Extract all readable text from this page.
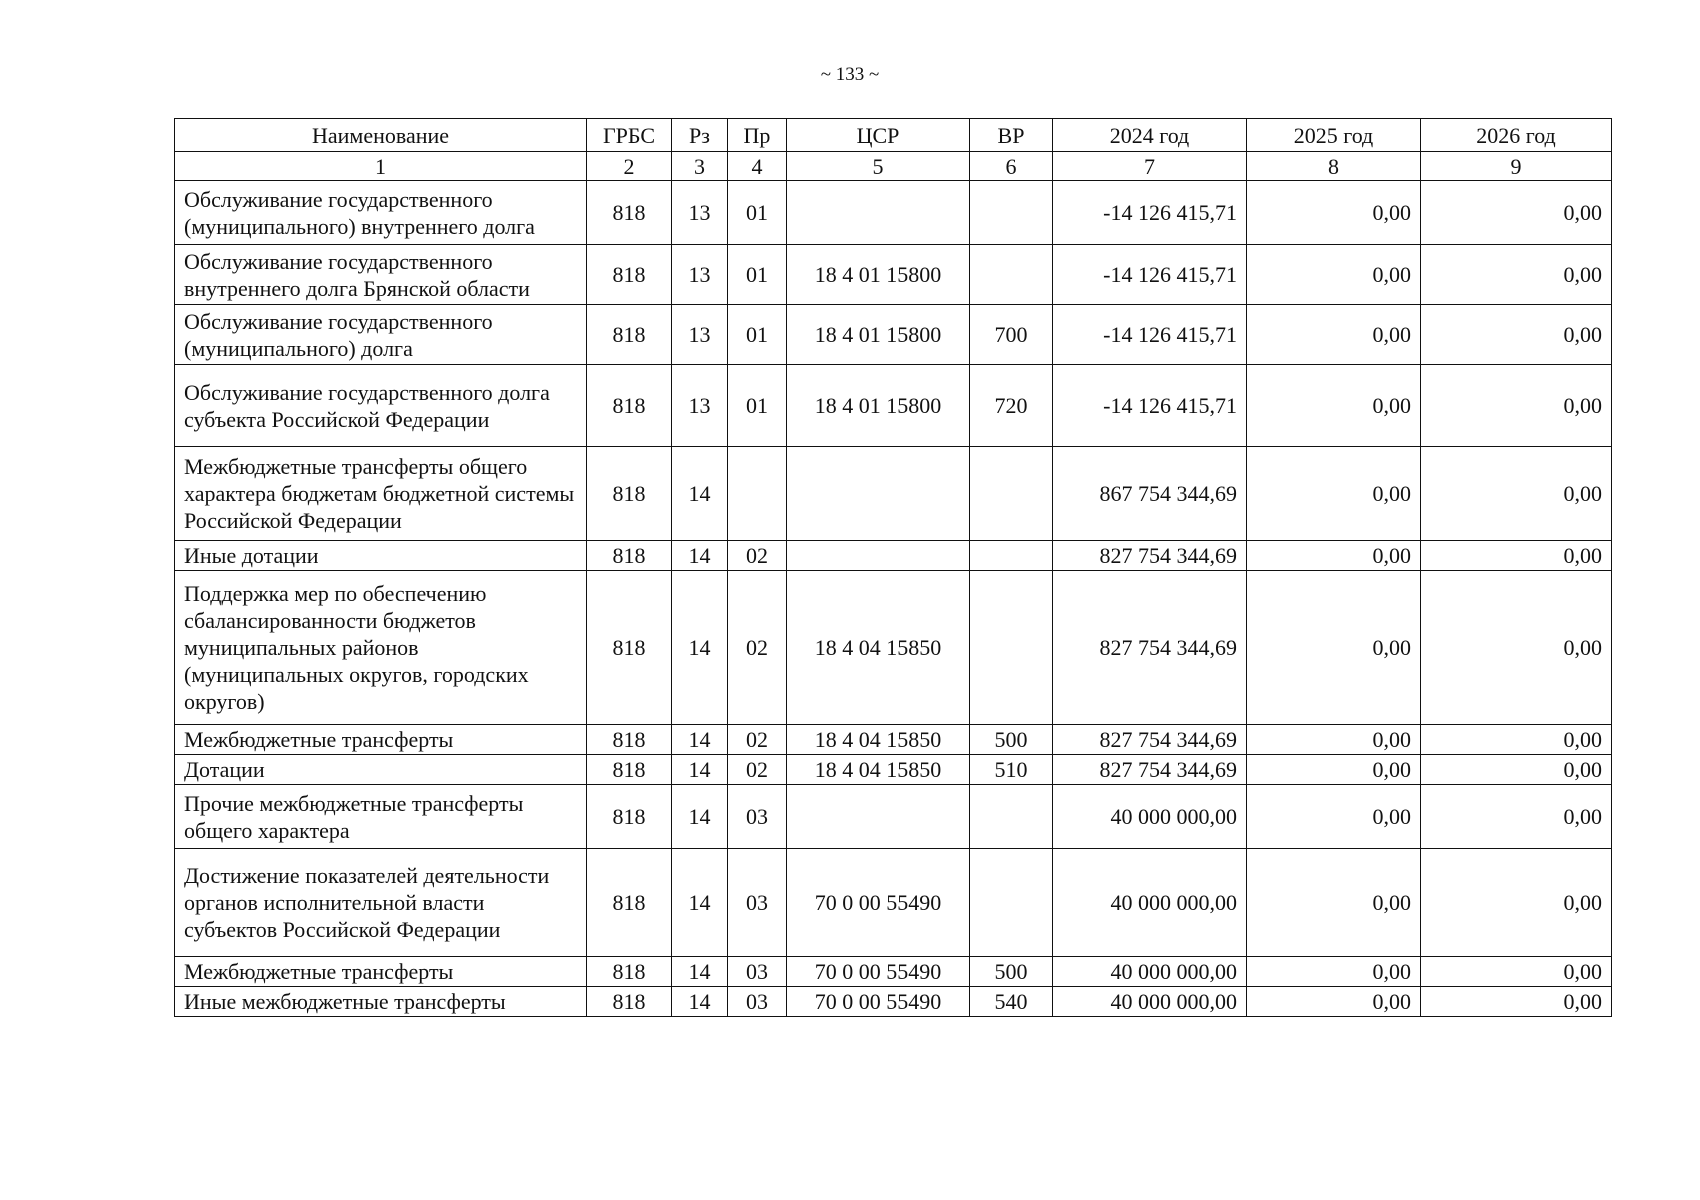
~ 133 ~
Наименование	ГРБС	Рз	Пр	ЦСР	ВР	2024 год	2025 год	2026 год
1	2	3	4	5	6	7	8	9
Обслуживание государственного (муниципального) внутреннего долга	818	13	01			-14 126 415,71	0,00	0,00
Обслуживание государственного внутреннего долга Брянской области	818	13	01	18 4 01 15800		-14 126 415,71	0,00	0,00
Обслуживание государственного (муниципального) долга	818	13	01	18 4 01 15800	700	-14 126 415,71	0,00	0,00
Обслуживание государственного долга субъекта Российской Федерации	818	13	01	18 4 01 15800	720	-14 126 415,71	0,00	0,00
Межбюджетные трансферты общего характера бюджетам бюджетной системы Российской Федерации	818	14				867 754 344,69	0,00	0,00
Иные дотации	818	14	02			827 754 344,69	0,00	0,00
Поддержка мер по обеспечению сбалансированности бюджетов муниципальных районов (муниципальных округов, городских округов)	818	14	02	18 4 04 15850		827 754 344,69	0,00	0,00
Межбюджетные трансферты	818	14	02	18 4 04 15850	500	827 754 344,69	0,00	0,00
Дотации	818	14	02	18 4 04 15850	510	827 754 344,69	0,00	0,00
Прочие межбюджетные трансферты общего характера	818	14	03			40 000 000,00	0,00	0,00
Достижение показателей деятельности органов исполнительной власти субъектов Российской Федерации	818	14	03	70 0 00 55490		40 000 000,00	0,00	0,00
Межбюджетные трансферты	818	14	03	70 0 00 55490	500	40 000 000,00	0,00	0,00
Иные межбюджетные трансферты	818	14	03	70 0 00 55490	540	40 000 000,00	0,00	0,00
